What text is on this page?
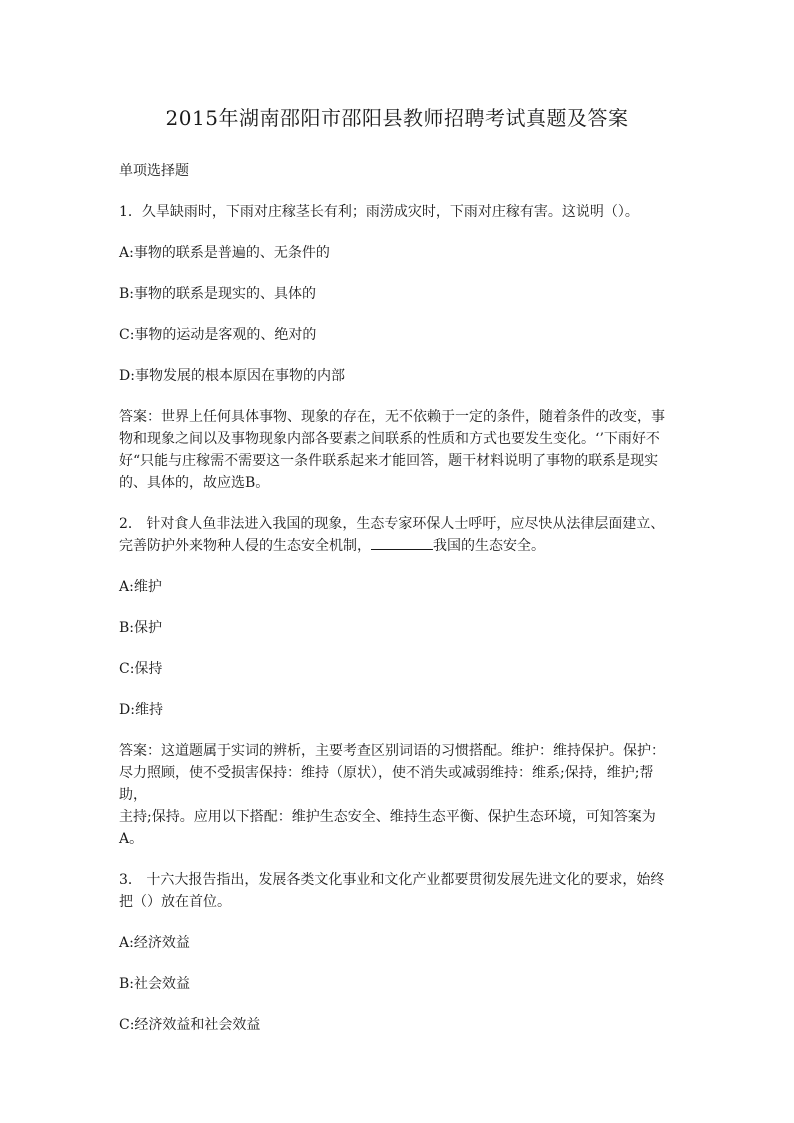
2015年湖南邵阳市邵阳县教师招聘考试真题及答案

单项选择题

1．久旱缺雨时，下雨对庄稼茎长有利；雨涝成灾时，下雨对庄稼有害。这说明（）。

A:事物的联系是普遍的、无条件的

B:事物的联系是现实的、具体的

C:事物的运动是客观的、绝对的

D:事物发展的根本原因在事物的内部

答案：世界上任何具体事物、现象的存在，无不依赖于一定的条件，随着条件的改变，事
物和现象之间以及事物现象内部各要素之间联系的性质和方式也要发生变化。‘’下雨好不
好“只能与庄稼需不需要这一条件联系起来才能回答，题干材料说明了事物的联系是现实
的、具体的，故应选B。

2． 针对食人鱼非法进入我国的现象，生态专家环保人士呼吁，应尽快从法律层面建立、
完善防护外来物种人侵的生态安全机制，	我国的生态安全。

A:维护

B:保护

C:保持

D:维持

答案：这道题属于实词的辨析，主要考查区别词语的习惯搭配。维护：维持保护。保护：
尽力照顾，使不受损害保持：维持（原状），使不消失或减弱维持：维系;保持，维护;帮助，
主持;保持。应用以下搭配：维护生态安全、维持生态平衡、保护生态环境，可知答案为
A。

3． 十六大报告指出，发展各类文化事业和文化产业都要贯彻发展先进文化的要求，始终
把（）放在首位。

A:经济效益

B:社会效益

C:经济效益和社会效益
